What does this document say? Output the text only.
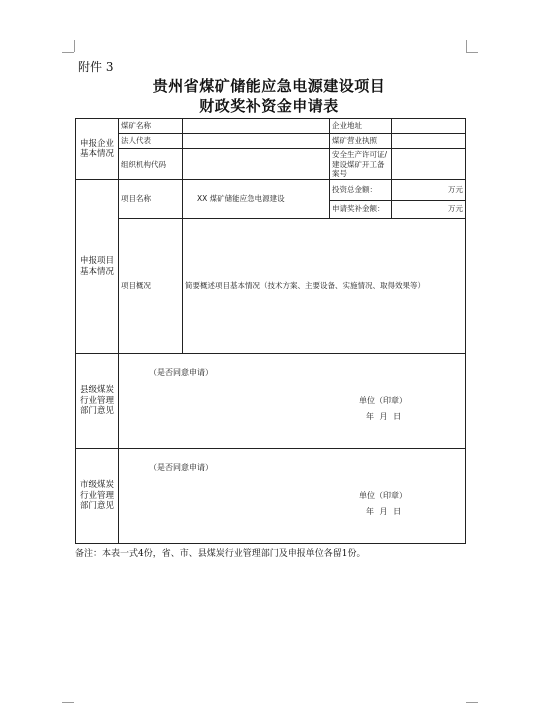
附件 3
贵州省煤矿储能应急电源建设项目
财政奖补资金申请表
申报企业基本情况	煤矿名称		企业地址	
	法人代表		煤矿营业执照	
	组织机构代码		安全生产许可证/建设煤矿开工备案号	
申报项目基本情况	项目名称	XX 煤矿储能应急电源建设	投资总金额：	万元
			申请奖补金额：	万元
	项目概况	简要概述项目基本情况（技术方案、主要设备、实施情况、取得效果等）		
县级煤炭行业管理部门意见	（是否同意申请）
单位（印章）
年 月 日			

市级煤炭行业管理部门意见	（是否同意申请）
单位（印章）
年 月 日			
备注：本表一式4份，省、市、县煤炭行业管理部门及申报单位各留1份。
